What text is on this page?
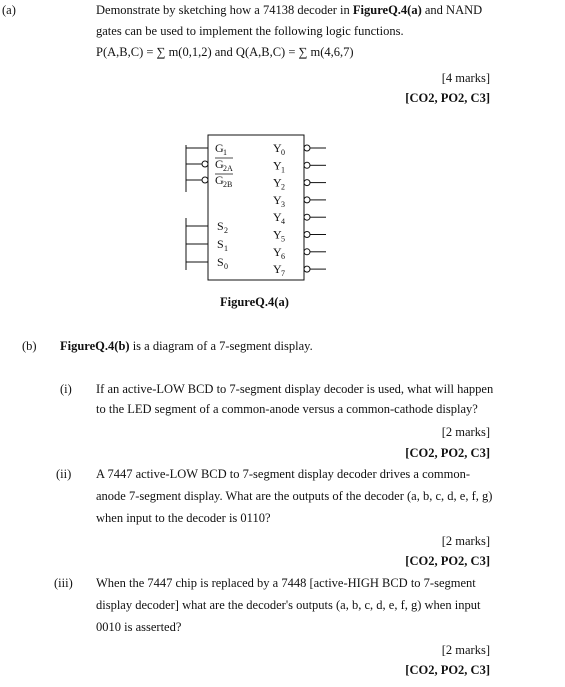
(a)	Demonstrate by sketching how a 74138 decoder in FigureQ.4(a) and NAND
gates can be used to implement the following logic functions.
P(A,B,C) = ∑ m(0,1,2) and Q(A,B,C) = ∑ m(4,6,7)
[4 marks]
[CO2, PO2, C3]
G 1
G 2A
G 2B
S 2
S 1
S 0
Y 0
Y 1
Y 2
Y 3
Y 4
Y 5
Y 6
Y 7
FigureQ.4(a)
(b) FigureQ.4(b) is a diagram of a 7-segment display.
(i) If an active-LOW BCD to 7-segment display decoder is used, what will happen
to the LED segment of a common-anode versus a common-cathode display?
[2 marks]
[CO2, PO2, C3]
(ii) A 7447 active-LOW BCD to 7-segment display decoder drives a common-
anode 7-segment display. What are the outputs of the decoder (a, b, c, d, e, f, g)
when input to the decoder is 0110?
[2 marks]
[CO2, PO2, C3]
(iii) When the 7447 chip is replaced by a 7448 [active-HIGH BCD to 7-segment
display decoder] what are the decoder's outputs (a, b, c, d, e, f, g) when input
0010 is asserted?
[2 marks]
[CO2, PO2, C3]
